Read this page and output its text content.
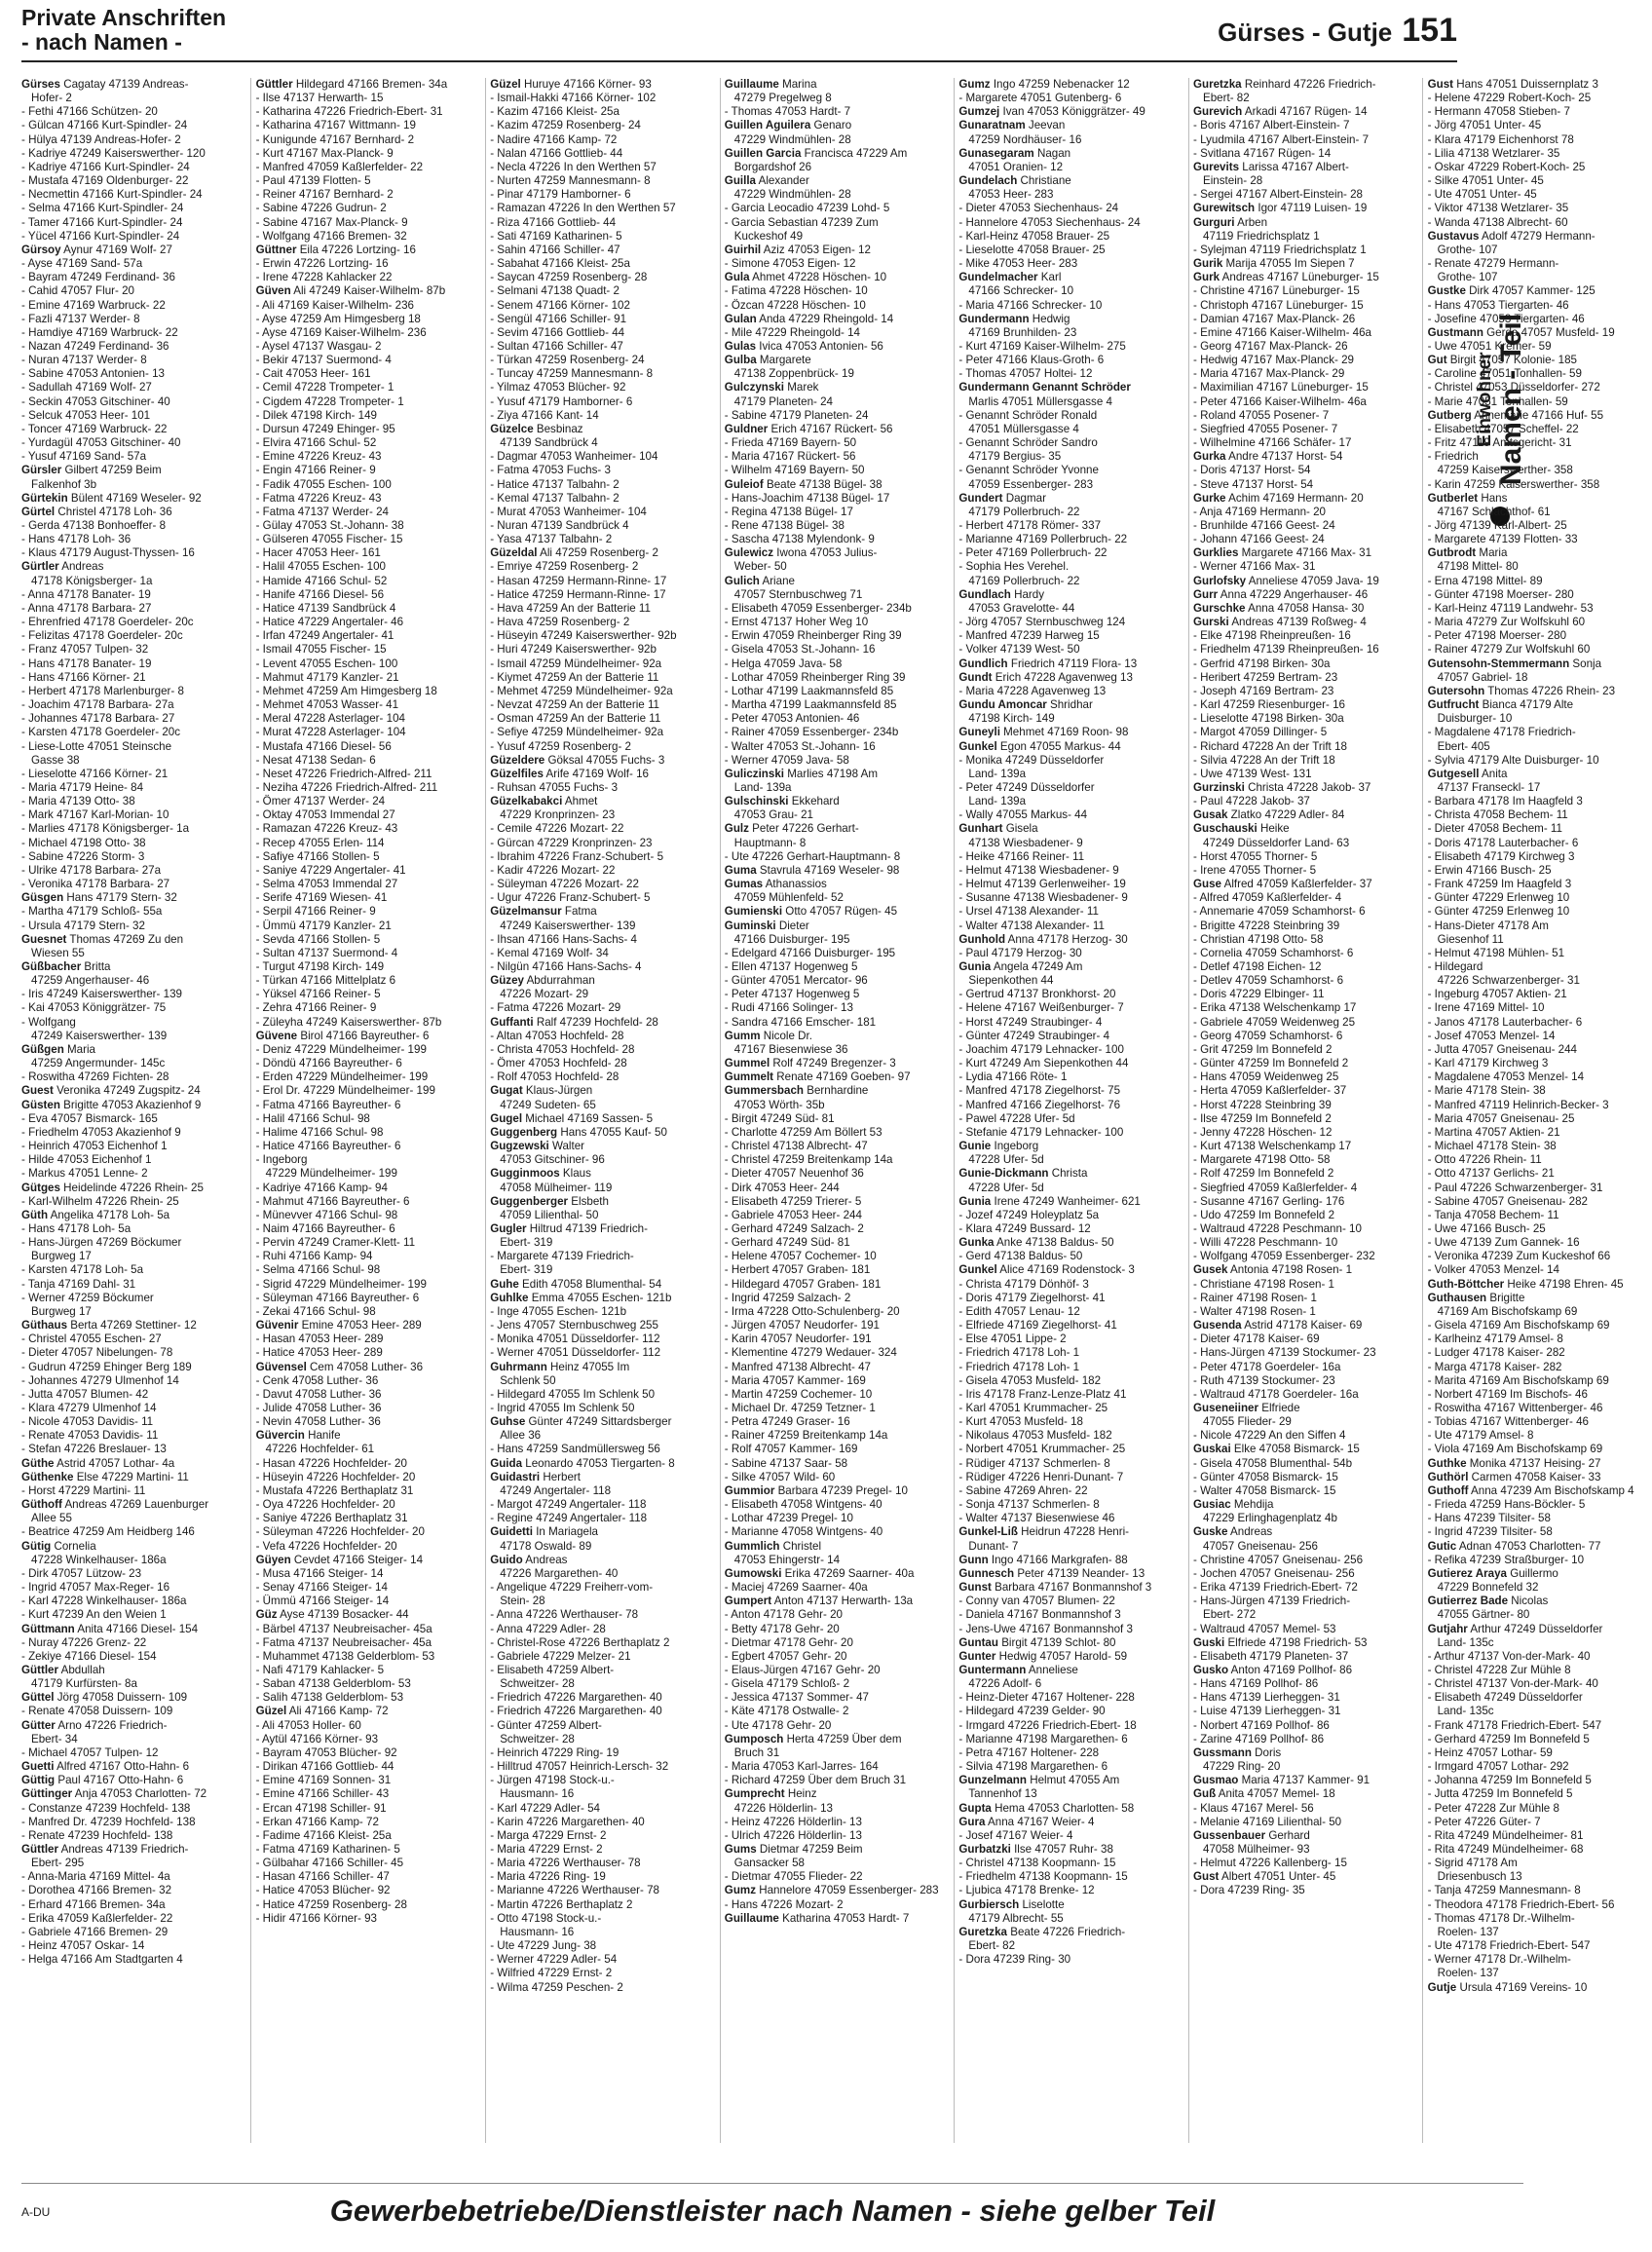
Private Anschriften
- nach Namen -	Gürses - Gutje 151
Einwohner Namen - Teil
Gürses Cagatay 47139 Andreas-
Hofer- 2
- Fethi 47166 Schützen- 20
- Gülcan 47166 Kurt-Spindler- 24
- Hülya 47139 Andreas-Hofer- 2
- Kadriye 47249 Kaiserswerther- 120
- Kadriye 47166 Kurt-Spindler- 24
- Mustafa 47169 Oldenburger- 22
- Necmettin 47166 Kurt-Spindler- 24
- Selma 47166 Kurt-Spindler- 24
- Tamer 47166 Kurt-Spindler- 24
- Yücel 47166 Kurt-Spindler- 24
Gürsoy Aynur 47169 Wolf- 27
- Ayse 47169 Sand- 57a
- Bayram 47249 Ferdinand- 36
- Cahid 47057 Flur- 20
- Emine 47169 Warbruck- 22
- Fazli 47137 Werder- 8
- Hamdiye 47169 Warbruck- 22
- Nazan 47249 Ferdinand- 36
- Nuran 47137 Werder- 8
- Sabine 47053 Antonien- 13
- Sadullah 47169 Wolf- 27
- Seckin 47053 Gitschiner- 40
- Selcuk 47053 Heer- 101
- Toncer 47169 Warbruck- 22
- Yurdagül 47053 Gitschiner- 40
- Yusuf 47169 Sand- 57a
Gürsler Gilbert 47259 Beim
Falkenhof 3b
Gürtekin Bülent 47169 Weseler- 92
Gürtel Christel 47178 Loh- 36
- Gerda 47138 Bonhoeffer- 8
- Hans 47178 Loh- 36
- Klaus 47179 August-Thyssen- 16
Gürtler Andreas
47178 Königsberger- 1a
- Anna 47178 Banater- 19
- Anna 47178 Barbara- 27
- Ehrenfried 47178 Goerdeler- 20c
- Felizitas 47178 Goerdeler- 20c
- Franz 47057 Tulpen- 32
- Hans 47178 Banater- 19
- Hans 47166 Körner- 21
- Herbert 47178 Marlenburger- 8
- Joachim 47178 Barbara- 27a
- Johannes 47178 Barbara- 27
- Karsten 47178 Goerdeler- 20c
- Liese-Lotte 47051 Steinsche
Gasse 38
- Lieselotte 47166 Körner- 21
- Maria 47179 Heine- 84
- Maria 47139 Otto- 38
- Mark 47167 Karl-Morian- 10
- Marlies 47178 Königsberger- 1a
- Michael 47198 Otto- 38
- Sabine 47226 Storm- 3
- Ulrike 47178 Barbara- 27a
- Veronika 47178 Barbara- 27
Güsgen Hans 47179 Stern- 32
- Martha 47179 Schloß- 55a
- Ursula 47179 Stern- 32
Guesnet Thomas 47269 Zu den
Wiesen 55
Güßbacher Britta
47259 Angerhauser- 46
- Iris 47249 Kaiserswerther- 139
- Kai 47053 Königgrätzer- 75
- Wolfgang
47249 Kaiserswerther- 139
Güßgen Maria
47259 Angermunder- 145c
- Roswitha 47269 Fichten- 28
Guest Veronika 47249 Zugspitz- 24
Güsten Brigitte 47053 Akazienhof 9
- Eva 47057 Bismarck- 165
- Friedhelm 47053 Akazienhof 9
- Heinrich 47053 Eichenhof 1
- Hilde 47053 Eichenhof 1
- Markus 47051 Lenne- 2
Gütges Heidelinde 47226 Rhein- 25
- Karl-Wilhelm 47226 Rhein- 25
Güth Angelika 47178 Loh- 5a
- Hans 47178 Loh- 5a
- Hans-Jürgen 47269 Böckumer
Burgweg 17
- Karsten 47178 Loh- 5a
- Tanja 47169 Dahl- 31
- Werner 47259 Böckumer
Burgweg 17
Güthaus Berta 47269 Stettiner- 12
- Christel 47055 Eschen- 27
- Dieter 47057 Nibelungen- 78
- Gudrun 47259 Ehinger Berg 189
- Johannes 47279 Ulmenhof 14
- Jutta 47057 Blumen- 42
- Klara 47279 Ulmenhof 14
- Nicole 47053 Davidis- 11
- Renate 47053 Davidis- 11
- Stefan 47226 Breslauer- 13
Güthe Astrid 47057 Lothar- 4a
Güthenke Else 47229 Martini- 11
- Horst 47229 Martini- 11
Güthoff Andreas 47269 Lauenburger
Allee 55
- Beatrice 47259 Am Heidberg 146
Gütig Cornelia
47228 Winkelhauser- 186a
- Dirk 47057 Lützow- 23
- Ingrid 47057 Max-Reger- 16
- Karl 47228 Winkelhauser- 186a
- Kurt 47239 An den Weien 1
Güttmann Anita 47166 Diesel- 154
- Nuray 47226 Grenz- 22
- Zekiye 47166 Diesel- 154
Güttler Abdullah
47179 Kurfürsten- 8a
Güttel Jörg 47058 Duissern- 109
- Renate 47058 Duissern- 109
Gütter Arno 47226 Friedrich-
Ebert- 34
- Michael 47057 Tulpen- 12
Guetti Alfred 47167 Otto-Hahn- 6
Güttig Paul 47167 Otto-Hahn- 6
Güttinger Anja 47053 Charlotten- 72
- Constanze 47239 Hochfeld- 138
- Manfred Dr. 47239 Hochfeld- 138
- Renate 47239 Hochfeld- 138
Güttler Andreas 47139 Friedrich-
Ebert- 295
- Anna-Maria 47169 Mittel- 4a
- Dorothea 47166 Bremen- 32
- Erhard 47166 Bremen- 34a
- Erika 47059 Kaßlerfelder- 22
- Gabriele 47166 Bremen- 29
- Heinz 47057 Oskar- 14
- Helga 47166 Am Stadtgarten 4
Güttler Hildegard 47166 Bremen- 34a
- Ilse 47137 Herwarth- 15
- Katharina 47226 Friedrich-Ebert- 31
- Katharina 47167 Wittmann- 19
- Kunigunde 47167 Bernhard- 2
- Kurt 47167 Max-Planck- 9
- Manfred 47059 Kaßlerfelder- 22
- Paul 47139 Flotten- 5
- Reiner 47167 Bernhard- 2
- Sabine 47226 Gudrun- 2
- Sabine 47167 Max-Planck- 9
- Wolfgang 47166 Bremen- 32
Güttner Eila 47226 Lortzing- 16
- Erwin 47226 Lortzing- 16
- Irene 47228 Kahlacker 22
Güven Ali 47249 Kaiser-Wilhelm- 87b
- Ali 47169 Kaiser-Wilhelm- 236
- Ayse 47259 Am Himgesberg 18
- Ayse 47169 Kaiser-Wilhelm- 236
- Aysel 47137 Wasgau- 2
- Bekir 47137 Suermond- 4
- Cait 47053 Heer- 161
- Cemil 47228 Trompeter- 1
- Cigdem 47228 Trompeter- 1
- Dilek 47198 Kirch- 149
- Dursun 47249 Ehinger- 95
- Elvira 47166 Schul- 52
- Emine 47226 Kreuz- 43
- Engin 47166 Reiner- 9
- Fadik 47055 Eschen- 100
- Fatma 47226 Kreuz- 43
- Fatma 47137 Werder- 24
- Gülay 47053 St.-Johann- 38
- Gülseren 47055 Fischer- 15
- Hacer 47053 Heer- 161
- Halil 47055 Eschen- 100
- Hamide 47166 Schul- 52
- Hanife 47166 Diesel- 56
- Hatice 47139 Sandbrück 4
- Hatice 47229 Angertaler- 46
- Irfan 47249 Angertaler- 41
- Ismail 47055 Fischer- 15
- Levent 47055 Eschen- 100
- Mahmut 47179 Kanzler- 21
- Mehmet 47259 Am Himgesberg 18
- Mehmet 47053 Wasser- 41
- Meral 47228 Asterlager- 104
- Murat 47228 Asterlager- 104
- Mustafa 47166 Diesel- 56
- Nesat 47138 Sedan- 6
- Neset 47226 Friedrich-Alfred- 211
- Neziha 47226 Friedrich-Alfred- 211
- Ömer 47137 Werder- 24
- Oktay 47053 Immendal 27
- Ramazan 47226 Kreuz- 43
- Recep 47055 Erlen- 114
- Safiye 47166 Stollen- 5
- Saniye 47229 Angertaler- 41
- Selma 47053 Immendal 27
- Serife 47169 Wiesen- 41
- Serpil 47166 Reiner- 9
- Ümmü 47179 Kanzler- 21
- Sevda 47166 Stollen- 5
- Sultan 47137 Suermond- 4
- Turgut 47198 Kirch- 149
- Türkan 47166 Mittelplatz 6
- Yüksel 47166 Reiner- 5
- Zehra 47166 Reiner- 9
- Züleyha 47249 Kaiserswerther- 87b
Güvene Birol 47166 Bayreuther- 6
- Deniz 47229 Mündelheimer- 199
- Döndü 47166 Bayreuther- 6
- Erden 47229 Mündelheimer- 199
- Erol Dr. 47229 Mündelheimer- 199
- Fatma 47166 Bayreuther- 6
- Halil 47166 Schul- 98
- Halime 47166 Schul- 98
- Hatice 47166 Bayreuther- 6
- Ingeborg
47229 Mündelheimer- 199
- Kadriye 47166 Kamp- 94
- Mahmut 47166 Bayreuther- 6
- Münevver 47166 Schul- 98
- Naim 47166 Bayreuther- 6
- Pervin 47249 Cramer-Klett- 11
- Ruhi 47166 Kamp- 94
- Selma 47166 Schul- 98
- Sigrid 47229 Mündelheimer- 199
- Süleyman 47166 Bayreuther- 6
- Zekai 47166 Schul- 98
Güvenir Emine 47053 Heer- 289
- Hasan 47053 Heer- 289
- Hatice 47053 Heer- 289
Güvensel Cem 47058 Luther- 36
- Cenk 47058 Luther- 36
- Davut 47058 Luther- 36
- Julide 47058 Luther- 36
- Nevin 47058 Luther- 36
Güvercin Hanife
47226 Hochfelder- 61
- Hasan 47226 Hochfelder- 20
- Hüseyin 47226 Hochfelder- 20
- Mustafa 47226 Berthaplatz 31
- Oya 47226 Hochfelder- 20
- Saniye 47226 Berthaplatz 31
- Süleyman 47226 Hochfelder- 20
- Vefa 47226 Hochfelder- 20
Güyen Cevdet 47166 Steiger- 14
- Musa 47166 Steiger- 14
- Senay 47166 Steiger- 14
- Ümmü 47166 Steiger- 14
Güz Ayse 47139 Bosacker- 44
- Bärbel 47137 Neubreisacher- 45a
- Fatma 47137 Neubreisacher- 45a
- Muhammet 47138 Gelderblom- 53
- Nafi 47179 Kahlacker- 5
- Saban 47138 Gelderblom- 53
- Salih 47138 Gelderblom- 53
Güzel Ali 47166 Kamp- 72
- Ali 47053 Holler- 60
- Aytül 47166 Körner- 93
- Bayram 47053 Blücher- 92
- Dirikan 47166 Gottlieb- 44
- Emine 47169 Sonnen- 31
- Emine 47166 Schiller- 43
- Ercan 47198 Schiller- 91
- Erkan 47166 Kamp- 72
- Fadime 47166 Kleist- 25a
- Fatma 47169 Katharinen- 5
- Gülbahar 47166 Schiller- 45
- Hasan 47166 Schiller- 47
- Hatice 47053 Blücher- 92
- Hatice 47259 Rosenberg- 28
- Hidir 47166 Körner- 93
Güzel Huruye 47166 Körner- 93
- Ismail-Hakki 47166 Körner- 102
- Kazim 47166 Kleist- 25a
- Kazim 47259 Rosenberg- 24
- Nadire 47166 Kamp- 72
- Nalan 47166 Gottlieb- 44
- Necla 47226 In den Werthen 57
- Nurten 47259 Mannesmann- 8
- Pinar 47179 Hamborner- 6
- Ramazan 47226 In den Werthen 57
- Riza 47166 Gottlieb- 44
- Sati 47169 Katharinen- 5
- Sahin 47166 Schiller- 47
- Sabahat 47166 Kleist- 25a
- Saycan 47259 Rosenberg- 28
- Selmani 47138 Quadt- 2
- Senem 47166 Körner- 102
- Sengül 47166 Schiller- 91
- Sevim 47166 Gottlieb- 44
- Sultan 47166 Schiller- 47
- Türkan 47259 Rosenberg- 24
- Tuncay 47259 Mannesmann- 8
- Yilmaz 47053 Blücher- 92
- Yusuf 47179 Hamborner- 6
- Ziya 47166 Kant- 14
Güzelce Besbinaz
47139 Sandbrück 4
- Dagmar 47053 Wanheimer- 104
- Fatma 47053 Fuchs- 3
- Hatice 47137 Talbahn- 2
- Kemal 47137 Talbahn- 2
- Murat 47053 Wanheimer- 104
- Nuran 47139 Sandbrück 4
- Yasa 47137 Talbahn- 2
Güzeldal Ali 47259 Rosenberg- 2
- Emriye 47259 Rosenberg- 2
- Hasan 47259 Hermann-Rinne- 17
- Hatice 47259 Hermann-Rinne- 17
- Hava 47259 An der Batterie 11
- Hava 47259 Rosenberg- 2
- Hüseyin 47249 Kaiserswerther- 92b
- Huri 47249 Kaiserswerther- 92b
- Ismail 47259 Mündelheimer- 92a
- Kiymet 47259 An der Batterie 11
- Mehmet 47259 Mündelheimer- 92a
- Nevzat 47259 An der Batterie 11
- Osman 47259 An der Batterie 11
- Sefiye 47259 Mündelheimer- 92a
- Yusuf 47259 Rosenberg- 2
Güzeldere Göksal 47055 Fuchs- 3
Güzelfiles Arife 47169 Wolf- 16
- Ruhsan 47055 Fuchs- 3
Güzelkabakci Ahmet
47229 Kronprinzen- 23
- Cemile 47226 Mozart- 22
- Gürcan 47229 Kronprinzen- 23
- Ibrahim 47226 Franz-Schubert- 5
- Kadir 47226 Mozart- 22
- Süleyman 47226 Mozart- 22
- Ugur 47226 Franz-Schubert- 5
Güzelmansur Fatma
47249 Kaiserswerther- 139
- Ihsan 47166 Hans-Sachs- 4
- Kemal 47169 Wolf- 34
- Nilgün 47166 Hans-Sachs- 4
Güzey Abdurrahman
47226 Mozart- 29
- Fatma 47226 Mozart- 29
Guffanti Ralf 47239 Hochfeld- 28
- Altan 47053 Hochfeld- 28
- Christa 47053 Hochfeld- 28
- Ömer 47053 Hochfeld- 28
- Rolf 47053 Hochfeld- 28
Gugat Klaus-Jürgen
47249 Sudeten- 65
Gugel Michael 47169 Sassen- 5
Guggenberg Hans 47055 Kauf- 50
Gugzewski Walter
47053 Gitschiner- 96
Gugginmoos Klaus
47058 Mülheimer- 119
Guggenberger Elsbeth
47059 Lilienthal- 50
Gugler Hiltrud 47139 Friedrich-
Ebert- 319
- Margarete 47139 Friedrich-
Ebert- 319
Guhe Edith 47058 Blumenthal- 54
Guhlke Emma 47055 Eschen- 121b
- Inge 47055 Eschen- 121b
- Jens 47057 Sternbuschweg 255
- Monika 47051 Düsseldorfer- 112
- Werner 47051 Düsseldorfer- 112
Guhrmann Heinz 47055 Im
Schlenk 50
- Hildegard 47055 Im Schlenk 50
- Ingrid 47055 Im Schlenk 50
Guhse Günter 47249 Sittardsberger
Allee 36
- Hans 47259 Sandmüllersweg 56
Guida Leonardo 47053 Tiergarten- 8
Guidastri Herbert
47249 Angertaler- 118
- Margot 47249 Angertaler- 118
- Regine 47249 Angertaler- 118
Guidetti In Mariagela
47178 Oswald- 89
Guido Andreas
47226 Margarethen- 40
- Angelique 47229 Freiherr-vom-
Stein- 28
- Anna 47226 Werthauser- 78
- Anna 47229 Adler- 28
- Christel-Rose 47226 Berthaplatz 2
- Gabriele 47229 Melzer- 21
- Elisabeth 47259 Albert-
Schweitzer- 28
- Friedrich 47226 Margarethen- 40
- Friedrich 47226 Margarethen- 40
- Günter 47259 Albert-
Schweitzer- 28
- Heinrich 47229 Ring- 19
- Hilltrud 47057 Heinrich-Lersch- 32
- Jürgen 47198 Stock-u.-
Hausmann- 16
- Karl 47229 Adler- 54
- Karin 47226 Margarethen- 40
- Marga 47229 Ernst- 2
- Maria 47229 Ernst- 2
- Maria 47226 Werthauser- 78
- Maria 47226 Ring- 19
- Marianne 47226 Werthauser- 78
- Martin 47226 Berthaplatz 2
- Otto 47198 Stock-u.-
Hausmann- 16
- Ute 47229 Jung- 38
- Werner 47229 Adler- 54
- Wilfried 47229 Ernst- 2
- Wilma 47259 Peschen- 2
Guillaume Marina
47279 Pregelweg 8
- Thomas 47053 Hardt- 7
Guillen Aguilera Genaro
47229 Windmühlen- 28
Guillen Garcia Francisca 47229 Am
Borgardshof 26
Guilla Alexander
47229 Windmühlen- 28
- Garcia Leocadio 47239 Lohd- 5
- Garcia Sebastian 47239 Zum
Kuckeshof 49
Guirhil Aziz 47053 Eigen- 12
- Simone 47053 Eigen- 12
Gula Ahmet 47228 Höschen- 10
- Fatima 47228 Höschen- 10
- Özcan 47228 Höschen- 10
Gulan Anda 47229 Rheingold- 14
- Mile 47229 Rheingold- 14
Gulas Ivica 47053 Antonien- 56
Gulba Margarete
47138 Zoppenbrück- 19
Gulczynski Marek
47179 Planeten- 24
- Sabine 47179 Planeten- 24
Guldner Erich 47167 Rückert- 56
- Frieda 47169 Bayern- 50
- Maria 47167 Rückert- 56
- Wilhelm 47169 Bayern- 50
Guleiof Beate 47138 Bügel- 38
- Hans-Joachim 47138 Bügel- 17
- Regina 47138 Bügel- 17
- Rene 47138 Bügel- 38
- Sascha 47138 Mylendonk- 9
Gulewicz Iwona 47053 Julius-
Weber- 50
Gulich Ariane
47057 Sternbuschweg 71
- Elisabeth 47059 Essenberger- 234b
- Ernst 47137 Hoher Weg 10
- Erwin 47059 Rheinberger Ring 39
- Gisela 47053 St.-Johann- 16
- Helga 47059 Java- 58
- Lothar 47059 Rheinberger Ring 39
- Lothar 47199 Laakmannsfeld 85
- Martha 47199 Laakmannsfeld 85
- Peter 47053 Antonien- 46
- Rainer 47059 Essenberger- 234b
- Walter 47053 St.-Johann- 16
- Werner 47059 Java- 58
Guliczinski Marlies 47198 Am
Land- 139a
Gulschinski Ekkehard
47053 Grau- 21
Gulz Peter 47226 Gerhart-
Hauptmann- 8
- Ute 47226 Gerhart-Hauptmann- 8
Guma Stavrula 47169 Weseler- 98
Gumas Athanassios
47059 Mühlenfeld- 52
Gumienski Otto 47057 Rügen- 45
Guminski Dieter
47166 Duisburger- 195
- Edelgard 47166 Duisburger- 195
- Ellen 47137 Hogenweg 5
- Günter 47051 Mercator- 96
- Peter 47137 Hogenweg 5
- Rudi 47166 Solinger- 13
- Sandra 47166 Emscher- 181
Gumm Nicole Dr.
47167 Biesenwiese 36
Gummel Rolf 47249 Bregenzer- 3
Gummelt Renate 47169 Goeben- 97
Gummersbach Bernhardine
47053 Wörth- 35b
- Birgit 47249 Süd- 81
- Charlotte 47259 Am Böllert 53
- Christel 47138 Albrecht- 47
- Christel 47259 Breitenkamp 14a
- Dieter 47057 Neuenhof 36
- Dirk 47053 Heer- 244
- Elisabeth 47259 Trierer- 5
- Gabriele 47053 Heer- 244
- Gerhard 47249 Salzach- 2
- Gerhard 47249 Süd- 81
- Helene 47057 Cochemer- 10
- Herbert 47057 Graben- 181
- Hildegard 47057 Graben- 181
- Ingrid 47259 Salzach- 2
- Irma 47228 Otto-Schulenberg- 20
- Jürgen 47057 Neudorfer- 191
- Karin 47057 Neudorfer- 191
- Klementine 47279 Wedauer- 324
- Manfred 47138 Albrecht- 47
- Maria 47057 Kammer- 169
- Martin 47259 Cochemer- 10
- Michael Dr. 47259 Tetzner- 1
- Petra 47249 Graser- 16
- Rainer 47259 Breitenkamp 14a
- Rolf 47057 Kammer- 169
- Sabine 47137 Saar- 58
- Silke 47057 Wild- 60
Gummior Barbara 47239 Pregel- 10
- Elisabeth 47058 Wintgens- 40
- Lothar 47239 Pregel- 10
- Marianne 47058 Wintgens- 40
Gummlich Christel
47053 Ehingerstr- 14
Gumowski Erika 47269 Saarner- 40a
- Maciej 47269 Saarner- 40a
Gumpert Anton 47137 Herwarth- 13a
- Anton 47178 Gehr- 20
- Betty 47178 Gehr- 20
- Dietmar 47178 Gehr- 20
- Egbert 47057 Gehr- 20
- Elaus-Jürgen 47167 Gehr- 20
- Gisela 47179 Schloß- 2
- Jessica 47137 Sommer- 47
- Käte 47178 Ostwalle- 2
- Ute 47178 Gehr- 20
Gumposch Herta 47259 Über dem
Bruch 31
- Maria 47053 Karl-Jarres- 164
- Richard 47259 Über dem Bruch 31
Gumprecht Heinz
47226 Hölderlin- 13
- Heinz 47226 Hölderlin- 13
- Ulrich 47226 Hölderlin- 13
Gums Dietmar 47259 Beim
Gansacker 58
- Dietmar 47055 Flieder- 22
Gumz Hannelore 47059 Essenberger- 283
- Hans 47226 Mozart- 2
Guillaume Katharina 47053 Hardt- 7
Gumz Ingo 47259 Nebenacker 12
- Margarete 47051 Gutenberg- 6
Gumzej Ivan 47053 Königgrätzer- 49
Gunaratnam Jeevan
47259 Nordhäuser- 16
Gunasegaram Nagan
47051 Oranien- 12
Gundelach Christiane
47053 Heer- 283
- Dieter 47053 Siechenhaus- 24
- Hannelore 47053 Siechenhaus- 24
- Karl-Heinz 47058 Brauer- 25
- Lieselotte 47058 Brauer- 25
- Mike 47053 Heer- 283
Gundelmacher Karl
47166 Schrecker- 10
- Maria 47166 Schrecker- 10
Gundermann Hedwig
47169 Brunhilden- 23
- Kurt 47169 Kaiser-Wilhelm- 275
- Peter 47166 Klaus-Groth- 6
- Thomas 47057 Holtei- 12
Gundermann Genannt Schröder
Marlis 47051 Müllersgasse 4
- Genannt Schröder Ronald
47051 Müllersgasse 4
- Genannt Schröder Sandro
47179 Bergius- 35
- Genannt Schröder Yvonne
47059 Essenberger- 283
Gundert Dagmar
47179 Pollerbruch- 22
- Herbert 47178 Römer- 337
- Marianne 47169 Pollerbruch- 22
- Peter 47169 Pollerbruch- 22
- Sophia Hes Verehel.
47169 Pollerbruch- 22
Gundlach Hardy
47053 Gravelotte- 44
- Jörg 47057 Sternbuschweg 124
- Manfred 47239 Harweg 15
- Volker 47139 West- 50
Gundlich Friedrich 47119 Flora- 13
Gundt Erich 47228 Agavenweg 13
- Maria 47228 Agavenweg 13
Gundu Amoncar Shridhar
47198 Kirch- 149
Guneyli Mehmet 47169 Roon- 98
Gunkel Egon 47055 Markus- 44
- Monika 47249 Düsseldorfer
Land- 139a
- Peter 47249 Düsseldorfer
Land- 139a
- Wally 47055 Markus- 44
Gunhart Gisela
47138 Wiesbadener- 9
- Heike 47166 Reiner- 11
- Helmut 47138 Wiesbadener- 9
- Helmut 47139 Gerlenweiher- 19
- Susanne 47138 Wiesbadener- 9
- Ursel 47138 Alexander- 11
- Walter 47138 Alexander- 11
Gunhold Anna 47178 Herzog- 30
- Paul 47179 Herzog- 30
Gunia Angela 47249 Am
Siepenkothen 44
- Gertrud 47137 Bronkhorst- 20
- Helene 47167 Weißenburger- 7
- Horst 47249 Straubinger- 4
- Günter 47249 Straubinger- 4
- Joachim 47179 Lehnacker- 100
- Kurt 47249 Am Siepenkothen 44
- Lydia 47166 Röte- 1
- Manfred 47178 Ziegelhorst- 75
- Manfred 47166 Ziegelhorst- 76
- Pawel 47228 Ufer- 5d
- Stefanie 47179 Lehnacker- 100
Gunie Ingeborg
47228 Ufer- 5d
Gunie-Dickmann Christa
47228 Ufer- 5d
Gunia Irene 47249 Wanheimer- 621
- Jozef 47249 Holeyplatz 5a
- Klara 47249 Bussard- 12
Gunka Anke 47138 Baldus- 50
- Gerd 47138 Baldus- 50
Gunkel Alice 47169 Rodenstock- 3
- Christa 47179 Dönhöf- 3
- Doris 47179 Ziegelhorst- 41
- Edith 47057 Lenau- 12
- Elfriede 47169 Ziegelhorst- 41
- Else 47051 Lippe- 2
- Friedrich 47178 Loh- 1
- Friedrich 47178 Loh- 1
- Gisela 47053 Musfeld- 182
- Iris 47178 Franz-Lenze-Platz 41
- Karl 47051 Krummacher- 25
- Kurt 47053 Musfeld- 18
- Nikolaus 47053 Musfeld- 182
- Norbert 47051 Krummacher- 25
- Rüdiger 47137 Schmerlen- 8
- Rüdiger 47226 Henri-Dunant- 7
- Sabine 47269 Ahren- 22
- Sonja 47137 Schmerlen- 8
- Walter 47137 Biesenwiese 46
Gunkel-Liß Heidrun 47228 Henri-
Dunant- 7
Gunn Ingo 47166 Markgrafen- 88
Gunnesch Peter 47139 Neander- 13
Gunst Barbara 47167 Bonmannshof 3
- Conny van 47057 Blumen- 22
- Daniela 47167 Bonmannshof 3
- Jens-Uwe 47167 Bonmannshof 3
Guntau Birgit 47139 Schlot- 80
Gunter Hedwig 47057 Harold- 59
Guntermann Anneliese
47226 Adolf- 6
- Heinz-Dieter 47167 Holtener- 228
- Hildegard 47239 Gelder- 90
- Irmgard 47226 Friedrich-Ebert- 18
- Marianne 47198 Margarethen- 6
- Petra 47167 Holtener- 228
- Silvia 47198 Margarethen- 6
Gunzelmann Helmut 47055 Am
Tannenhof 13
Gupta Hema 47053 Charlotten- 58
Gura Anna 47167 Weier- 4
- Josef 47167 Weier- 4
Gurbatzki Ilse 47057 Ruhr- 38
- Christel 47138 Koopmann- 15
- Friedhelm 47138 Koopmann- 15
- Ljubica 47178 Brenke- 12
Gurbiersch Liselotte
47179 Albrecht- 55
Guretzka Beate 47226 Friedrich-
Ebert- 82
- Dora 47239 Ring- 30
Guretzka Reinhard 47226 Friedrich-
Ebert- 82
Gurevich Arkadi 47167 Rügen- 14
- Boris 47167 Albert-Einstein- 7
- Lyudmila 47167 Albert-Einstein- 7
- Svitlana 47167 Rügen- 14
Gurevits Larissa 47167 Albert-
Einstein- 28
- Sergei 47167 Albert-Einstein- 28
Gurewitsch Igor 47119 Luisen- 19
Gurguri Arben
47119 Friedrichsplatz 1
- Sylejman 47119 Friedrichsplatz 1
Gurik Marija 47055 Im Siepen 7
Gurk Andreas 47167 Lüneburger- 15
- Christine 47167 Lüneburger- 15
- Christoph 47167 Lüneburger- 15
- Damian 47167 Max-Planck- 26
- Emine 47166 Kaiser-Wilhelm- 46a
- Georg 47167 Max-Planck- 26
- Hedwig 47167 Max-Planck- 29
- Maria 47167 Max-Planck- 29
- Maximilian 47167 Lüneburger- 15
- Peter 47166 Kaiser-Wilhelm- 46a
- Roland 47055 Posener- 7
- Siegfried 47055 Posener- 7
- Wilhelmine 47166 Schäfer- 17
Gurka Andre 47137 Horst- 54
- Doris 47137 Horst- 54
- Steve 47137 Horst- 54
Gurke Achim 47169 Hermann- 20
- Anja 47169 Hermann- 20
- Brunhilde 47166 Geest- 24
- Johann 47166 Geest- 24
Gurklies Margarete 47166 Max- 31
- Werner 47166 Max- 31
Gurlofsky Anneliese 47059 Java- 19
Gurr Anna 47229 Angerhauser- 46
Gurschke Anna 47058 Hansa- 30
Gurski Andreas 47139 Roßweg- 4
- Elke 47198 Rheinpreußen- 16
- Friedhelm 47139 Rheinpreußen- 16
- Gerfrid 47198 Birken- 30a
- Heribert 47259 Bertram- 23
- Joseph 47169 Bertram- 23
- Karl 47259 Riesenburger- 16
- Lieselotte 47198 Birken- 30a
- Margot 47059 Dillinger- 5
- Richard 47228 An der Trift 18
- Silvia 47228 An der Trift 18
- Uwe 47139 West- 131
Gurzinski Christa 47228 Jakob- 37
- Paul 47228 Jakob- 37
Gusak Zlatko 47229 Adler- 84
Guschauski Heike
47249 Düsseldorfer Land- 63
- Horst 47055 Thorner- 5
- Irene 47055 Thorner- 5
Guse Alfred 47059 Kaßlerfelder- 37
- Alfred 47059 Kaßlerfelder- 4
- Annemarie 47059 Schamhorst- 6
- Brigitte 47228 Steinbring 39
- Christian 47198 Otto- 58
- Cornelia 47059 Schamhorst- 6
- Detlef 47198 Eichen- 12
- Detlev 47059 Schamhorst- 6
- Doris 47229 Elbinger- 11
- Erika 47138 Welschenkamp 17
- Gabriele 47059 Weidenweg 25
- Georg 47059 Schamhorst- 6
- Grit 47259 Im Bonnefeld 2
- Günter 47259 Im Bonnefeld 2
- Hans 47059 Weidenweg 25
- Herta 47059 Kaßlerfelder- 37
- Horst 47228 Steinbring 39
- Ilse 47259 Im Bonnefeld 2
- Jenny 47228 Höschen- 12
- Kurt 47138 Welschenkamp 17
- Margarete 47198 Otto- 58
- Rolf 47259 Im Bonnefeld 2
- Siegfried 47059 Kaßlerfelder- 4
- Susanne 47167 Gerling- 176
- Udo 47259 Im Bonnefeld 2
- Waltraud 47228 Peschmann- 10
- Willi 47228 Peschmann- 10
- Wolfgang 47059 Essenberger- 232
Gusek Antonia 47198 Rosen- 1
- Christiane 47198 Rosen- 1
- Rainer 47198 Rosen- 1
- Walter 47198 Rosen- 1
Gusenda Astrid 47178 Kaiser- 69
- Dieter 47178 Kaiser- 69
- Hans-Jürgen 47139 Stockumer- 23
- Peter 47178 Goerdeler- 16a
- Ruth 47139 Stockumer- 23
- Waltraud 47178 Goerdeler- 16a
Guseneiiner Elfriede
47055 Flieder- 29
- Nicole 47229 An den Siffen 4
Guskai Elke 47058 Bismarck- 15
- Gisela 47058 Blumenthal- 54b
- Günter 47058 Bismarck- 15
- Walter 47058 Bismarck- 15
Gusiac Mehdija
47229 Erlinghagenplatz 4b
Guske Andreas
47057 Gneisenau- 256
- Christine 47057 Gneisenau- 256
- Jochen 47057 Gneisenau- 256
- Erika 47139 Friedrich-Ebert- 72
- Hans-Jürgen 47139 Friedrich-
Ebert- 272
- Waltraud 47057 Memel- 53
Guski Elfriede 47198 Friedrich- 53
- Elisabeth 47179 Planeten- 37
Gusko Anton 47169 Pollhof- 86
- Hans 47169 Pollhof- 86
- Hans 47139 Lierheggen- 31
- Luise 47139 Lierheggen- 31
- Norbert 47169 Pollhof- 86
- Zarine 47169 Pollhof- 86
Gussmann Doris
47229 Ring- 20
Gusmao Maria 47137 Kammer- 91
Guß Anita 47057 Memel- 18
- Klaus 47167 Merel- 56
- Melanie 47169 Lilienthal- 50
Gussenbauer Gerhard
47058 Mülheimer- 93
- Helmut 47226 Kallenberg- 15
Gust Albert 47051 Unter- 45
- Dora 47239 Ring- 35
Gust Hans 47051 Duissernplatz 3
- Helene 47229 Robert-Koch- 25
- Hermann 47058 Stieben- 7
- Jörg 47051 Unter- 45
- Klara 47179 Eichenhorst 78
- Lilia 47138 Wetzlarer- 35
- Oskar 47229 Robert-Koch- 25
- Silke 47051 Unter- 45
- Ute 47051 Unter- 45
- Viktor 47138 Wetzlarer- 35
- Wanda 47138 Albrecht- 60
Gustavus Adolf 47279 Hermann-
Grothe- 107
- Renate 47279 Hermann-
Grothe- 107
Gustke Dirk 47057 Kammer- 125
- Hans 47053 Tiergarten- 46
- Josefine 47053 Tiergarten- 46
Gustmann Gerda 47057 Musfeld- 19
- Uwe 47051 Kremer- 59
Gut Birgit 47057 Kolonie- 185
- Caroline 47051 Tonhallen- 59
- Christel 47053 Düsseldorfer- 272
- Marie 47051 Tonhallen- 59
Gutberg Annemarie 47166 Huf- 55
- Elisabeth 47057 Scheffel- 22
- Fritz 47119 Amtsgericht- 31
- Friedrich
47259 Kaiserswerther- 358
- Karin 47259 Kaiserswerther- 358
Gutberlet Hans
47167 Schlachthof- 61
- Jörg 47139 Karl-Albert- 25
- Margarete 47139 Flotten- 33
Gutbrodt Maria
47198 Mittel- 80
- Erna 47198 Mittel- 89
- Günter 47198 Moerser- 280
- Karl-Heinz 47119 Landwehr- 53
- Maria 47279 Zur Wolfskuhl 60
- Peter 47198 Moerser- 280
- Rainer 47279 Zur Wolfskuhl 60
Gutensohn-Stemmermann Sonja
47057 Gabriel- 18
Gutersohn Thomas 47226 Rhein- 23
Gutfrucht Bianca 47179 Alte
Duisburger- 10
- Magdalene 47178 Friedrich-
Ebert- 405
- Sylvia 47179 Alte Duisburger- 10
Gutgesell Anita
47137 Franseckl- 17
- Barbara 47178 Im Haagfeld 3
- Christa 47058 Bechem- 11
- Dieter 47058 Bechem- 11
- Doris 47178 Lauterbacher- 6
- Elisabeth 47179 Kirchweg 3
- Erwin 47166 Busch- 25
- Frank 47259 Im Haagfeld 3
- Günter 47229 Erlenweg 10
- Günter 47259 Erlenweg 10
- Hans-Dieter 47178 Am
Giesenhof 11
- Helmut 47198 Mühlen- 51
- Hildegard
47226 Schwarzenberger- 31
- Ingeburg 47057 Aktien- 21
- Irene 47169 Mittel- 10
- Janos 47178 Lauterbacher- 6
- Josef 47053 Menzel- 14
- Jutta 47057 Gneisenau- 244
- Karl 47179 Kirchweg 3
- Magdalene 47053 Menzel- 14
- Marie 47178 Stein- 38
- Manfred 47119 Helinrich-Becker- 3
- Maria 47057 Gneisenau- 25
- Martina 47057 Aktien- 21
- Michael 47178 Stein- 38
- Otto 47226 Rhein- 11
- Otto 47137 Gerlichs- 21
- Paul 47226 Schwarzenberger- 31
- Sabine 47057 Gneisenau- 282
- Tanja 47058 Bechem- 11
- Uwe 47166 Busch- 25
- Uwe 47139 Zum Gannek- 16
- Veronika 47239 Zum Kuckeshof 66
- Volker 47053 Menzel- 14
Guth-Böttcher Heike 47198 Ehren- 45
Guthausen Brigitte
47169 Am Bischofskamp 69
- Gisela 47169 Am Bischofskamp 69
- Karlheinz 47179 Amsel- 8
- Ludger 47178 Kaiser- 282
- Marga 47178 Kaiser- 282
- Marita 47169 Am Bischofskamp 69
- Norbert 47169 Im Bischofs- 46
- Roswitha 47167 Wittenberger- 46
- Tobias 47167 Wittenberger- 46
- Ute 47179 Amsel- 8
- Viola 47169 Am Bischofskamp 69
Guthke Monika 47137 Heising- 27
Guthörl Carmen 47058 Kaiser- 33
Guthoff Anna 47239 Am Bischofskamp 4
- Frieda 47259 Hans-Böckler- 5
- Hans 47239 Tilsiter- 58
- Ingrid 47239 Tilsiter- 58
Gutic Adnan 47053 Charlotten- 77
- Refika 47239 Straßburger- 10
Gutierez Araya Guillermo
47229 Bonnefeld 32
Gutierrez Bade Nicolas
47055 Gärtner- 80
Gutjahr Arthur 47249 Düsseldorfer
Land- 135c
- Arthur 47137 Von-der-Mark- 40
- Christel 47228 Zur Mühle 8
- Christel 47137 Von-der-Mark- 40
- Elisabeth 47249 Düsseldorfer
Land- 135c
- Frank 47178 Friedrich-Ebert- 547
- Gerhard 47259 Im Bonnefeld 5
- Heinz 47057 Lothar- 59
- Irmgard 47057 Lothar- 292
- Johanna 47259 Im Bonnefeld 5
- Jutta 47259 Im Bonnefeld 5
- Peter 47228 Zur Mühle 8
- Peter 47226 Güter- 7
- Rita 47249 Mündelheimer- 81
- Rita 47249 Mündelheimer- 68
- Sigrid 47178 Am
Driesenbusch 13
- Tanja 47259 Mannesmann- 8
- Theodora 47178 Friedrich-Ebert- 56
- Thomas 47178 Dr.-Wilhelm-
Roelen- 137
- Ute 47178 Friedrich-Ebert- 547
- Werner 47178 Dr.-Wilhelm-
Roelen- 137
Gutje Ursula 47169 Vereins- 10
A-DU	Gewerbebetriebe/Dienstleister nach Namen - siehe gelber Teil
